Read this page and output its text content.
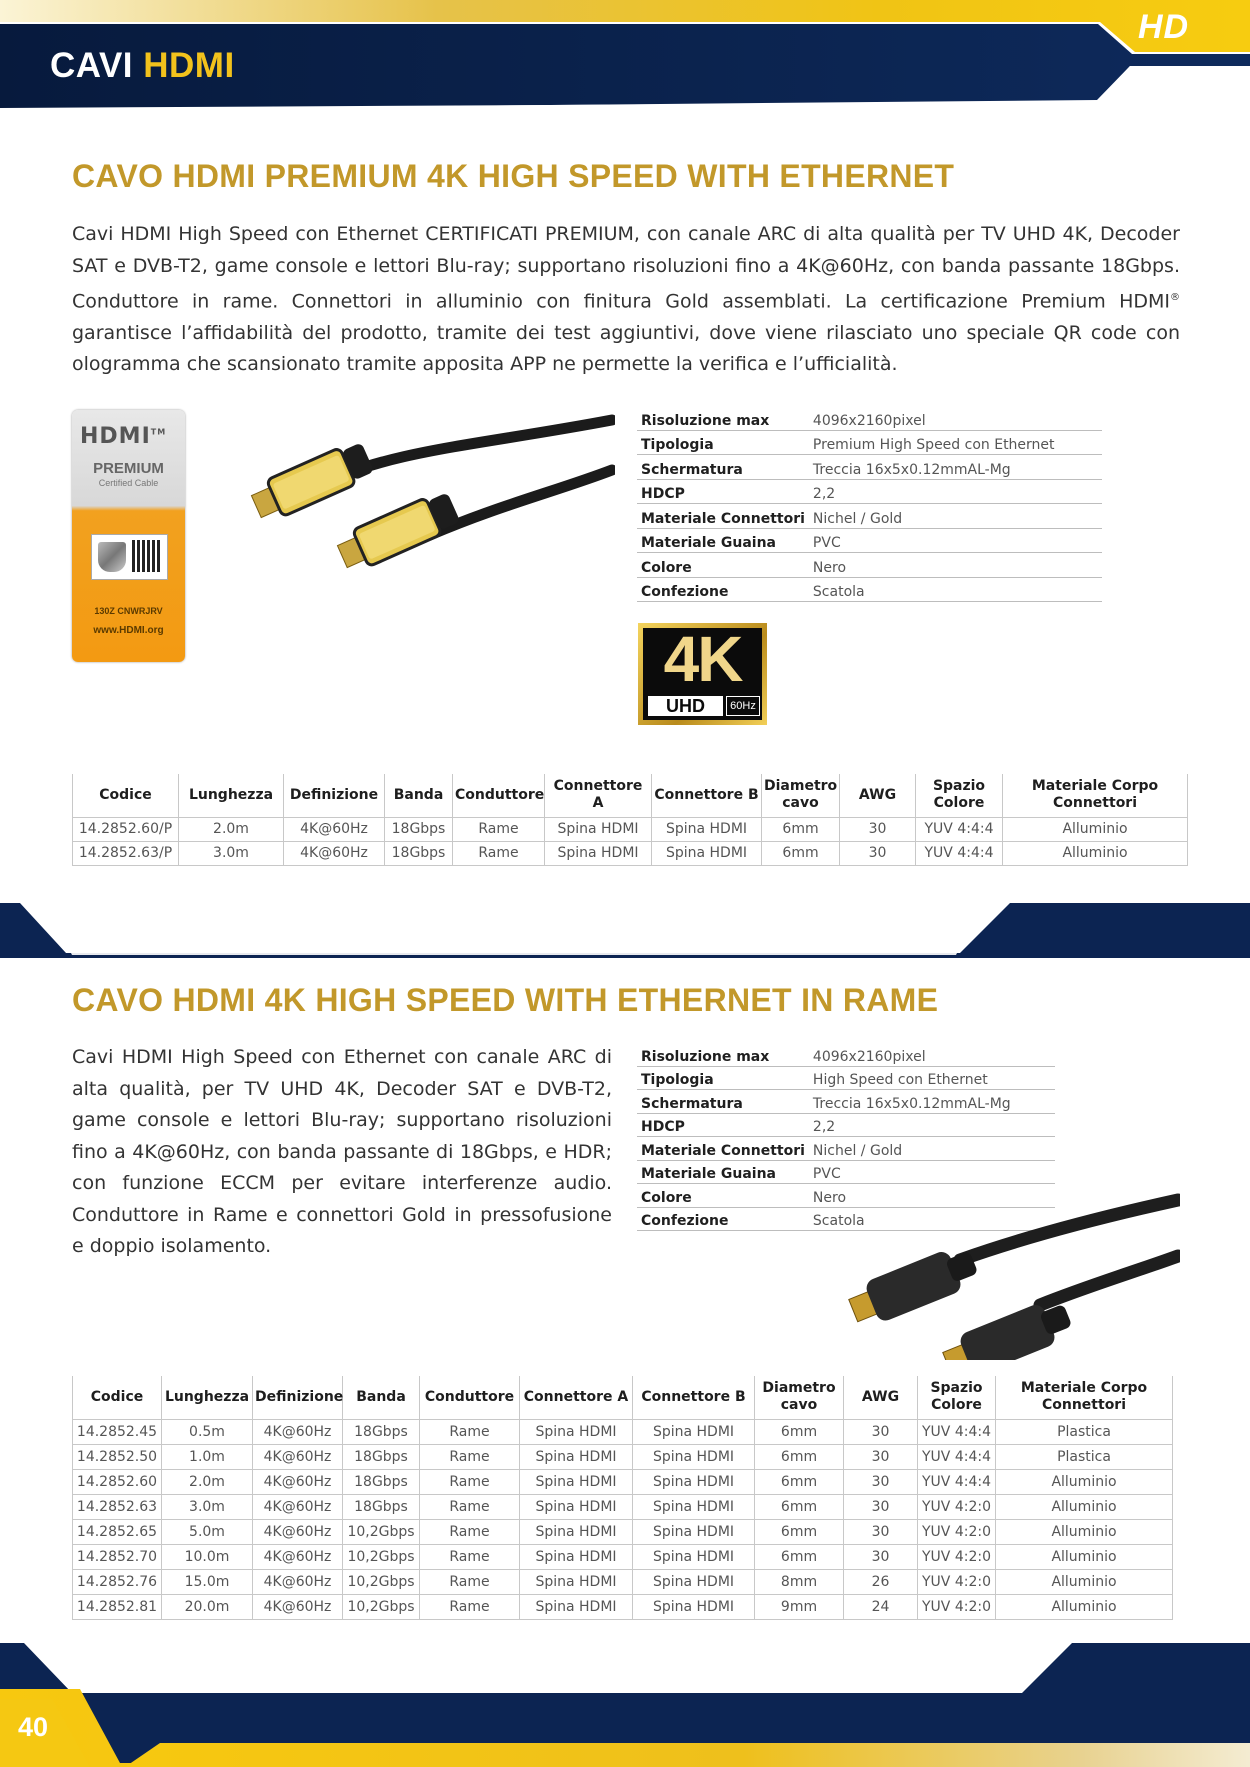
CAVI HDMI
HD
CAVO HDMI PREMIUM 4K HIGH SPEED WITH ETHERNET

Cavi HDMI High Speed con Ethernet CERTIFICATI PREMIUM, con canale ARC di alta qualità per TV UHD 4K, Decoder SAT e DVB-T2, game console e lettori Blu-ray; supportano risoluzioni fino a 4K@60Hz, con banda passante 18Gbps. Conduttore in rame. Connettori in alluminio con finitura Gold assemblati. La certificazione Premium HDMI® garantisce l’affidabilità del prodotto, tramite dei test aggiuntivi, dove viene rilasciato uno speciale QR code con ologramma che scansionato tramite apposita APP ne permette la verifica e l’ufficialità.

HDMI™
PREMIUM
Certified Cable
130Z CNWRJRV
www.HDMI.org
Risoluzione max	4096x2160pixel
Tipologia	Premium High Speed con Ethernet
Schermatura	Treccia 16x5x0.12mmAL-Mg
HDCP	2,2
Materiale Connettori	Nichel / Gold
Materiale Guaina	PVC
Colore	Nero
Confezione	Scatola
4K
UHD	60Hz
Codice	Lunghezza	Definizione	Banda	Conduttore	Connettore A	Connettore B	Diametro cavo	AWG	Spazio Colore	Materiale Corpo Connettori
14.2852.60/P	2.0m	4K@60Hz	18Gbps	Rame	Spina HDMI	Spina HDMI	6mm	30	YUV 4:4:4	Alluminio
14.2852.63/P	3.0m	4K@60Hz	18Gbps	Rame	Spina HDMI	Spina HDMI	6mm	30	YUV 4:4:4	Alluminio
CAVO HDMI 4K HIGH SPEED WITH ETHERNET IN RAME

Cavi HDMI High Speed con Ethernet con canale ARC di alta qualità, per TV UHD 4K, Decoder SAT e DVB-T2, game console e lettori Blu-ray; supportano risoluzioni fino a 4K@60Hz, con banda passante di 18Gbps, e HDR; con funzione ECCM per evitare interferenze audio. Conduttore in Rame e connettori Gold in pressofusione e doppio isolamento.

Risoluzione max	4096x2160pixel
Tipologia	High Speed con Ethernet
Schermatura	Treccia 16x5x0.12mmAL-Mg
HDCP	2,2
Materiale Connettori	Nichel / Gold
Materiale Guaina	PVC
Colore	Nero
Confezione	Scatola
Codice	Lunghezza	Definizione	Banda	Conduttore	Connettore A	Connettore B	Diametro cavo	AWG	Spazio Colore	Materiale Corpo Connettori
14.2852.45	0.5m	4K@60Hz	18Gbps	Rame	Spina HDMI	Spina HDMI	6mm	30	YUV 4:4:4	Plastica
14.2852.50	1.0m	4K@60Hz	18Gbps	Rame	Spina HDMI	Spina HDMI	6mm	30	YUV 4:4:4	Plastica
14.2852.60	2.0m	4K@60Hz	18Gbps	Rame	Spina HDMI	Spina HDMI	6mm	30	YUV 4:4:4	Alluminio
14.2852.63	3.0m	4K@60Hz	18Gbps	Rame	Spina HDMI	Spina HDMI	6mm	30	YUV 4:2:0	Alluminio
14.2852.65	5.0m	4K@60Hz	10,2Gbps	Rame	Spina HDMI	Spina HDMI	6mm	30	YUV 4:2:0	Alluminio
14.2852.70	10.0m	4K@60Hz	10,2Gbps	Rame	Spina HDMI	Spina HDMI	6mm	30	YUV 4:2:0	Alluminio
14.2852.76	15.0m	4K@60Hz	10,2Gbps	Rame	Spina HDMI	Spina HDMI	8mm	26	YUV 4:2:0	Alluminio
14.2852.81	20.0m	4K@60Hz	10,2Gbps	Rame	Spina HDMI	Spina HDMI	9mm	24	YUV 4:2:0	Alluminio
40
